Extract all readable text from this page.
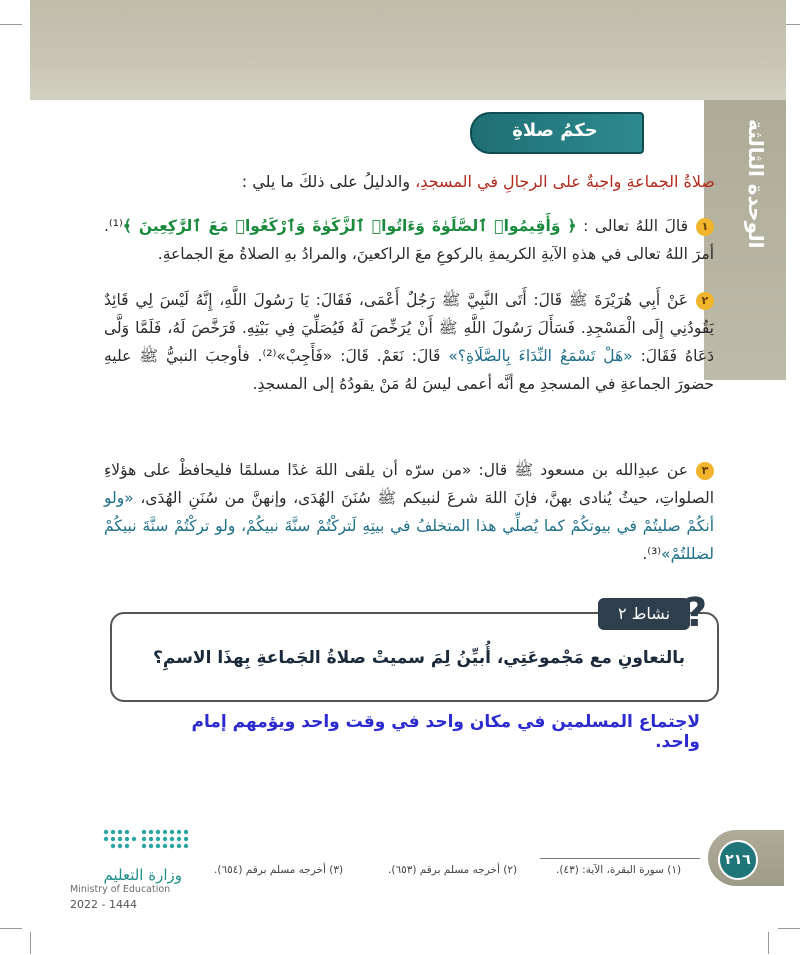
الوحدة الثالثة
حكمُ صلاةِ الجماعة
صلاةُ الجماعةِ واجبةٌ على الرجالِ في المسجدِ، والدليلُ على ذلكَ ما يلي :
١قالَ اللهُ تعالى : ﴿ وَأَقِيمُوا۟ ٱلصَّلَوٰةَ وَءَاتُوا۟ ٱلزَّكَوٰةَ وَٱرْكَعُوا۟ مَعَ ٱلرَّٰكِعِينَ ﴾⁽¹⁾. أمرَ اللهُ تعالى في هذهِ الآيةِ الكريمةِ بالركوعِ معَ الراكعينَ، والمرادُ بهِ الصلاةُ معَ الجماعةِ.
٢عَنْ أَبِي هُرَيْرَةَ ﷺ قَالَ: أَتَى النَّبِيَّ ﷺ رَجُلٌ أَعْمَى، فَقَالَ: يَا رَسُولَ اللَّهِ، إِنَّهُ لَيْسَ لِي قَائِدٌ يَقُودُنِي إِلَى الْمَسْجِدِ. فَسَأَلَ رَسُولَ اللَّهِ ﷺ أَنْ يُرَخِّصَ لَهُ فَيُصَلِّيَ فِي بَيْتِهِ. فَرَخَّصَ لَهُ، فَلَمَّا وَلَّى دَعَاهُ فَقَالَ: «هَلْ تَسْمَعُ النِّدَاءَ بِالصَّلَاةِ؟» قَالَ: نَعَمْ. قَالَ: «فَأَجِبْ»⁽²⁾. فأوجبَ النبيُّ ﷺ عليهِ حضورَ الجماعةِ في المسجدِ مع أنَّه أعمى ليسَ لهُ مَنْ يقودُهُ إلى المسجدِ.
٣عن عبدِالله بن مسعود ﷺ قال: «من سرّه أن يلقى اللهَ غدًا مسلمًا فليحافظْ على هؤلاءِ الصلواتِ، حيثُ يُنادى بهنَّ، فإنَ اللهَ شرعَ لنبيكم ﷺ سُنَنَ الهُدَى، وإنهنَّ من سُنَنِ الهُدَى، «ولو أنكُمْ صليتُمْ في بيوتكُمْ كما يُصلِّي هذا المتخلفُ في بيتِهِ لَتركْتُمْ سنَّةَ نبيكُمْ، ولو تركْتُمْ سنَّةَ نبيكُمْ لضللتُمْ»⁽³⁾.
نشاط ٢ ?
بالتعاونِ مع مَجْموعَتِي، أُبيِّنُ لِمَ سميتْ صلاةُ الجَماعةِ بِهذَا الاسمِ؟
لاجتماع المسلمين في مكان واحد في وقت واحد ويؤمهم إمام واحد.
(١) سورة البقرة، الآية: (٤٣).
(٢) أخرجه مسلم برقم (٦٥٣).
(٣) أخرجه مسلم برقم (٦٥٤).
٢١٦
وزارة التعليم
Ministry of Education
2022 - 1444
